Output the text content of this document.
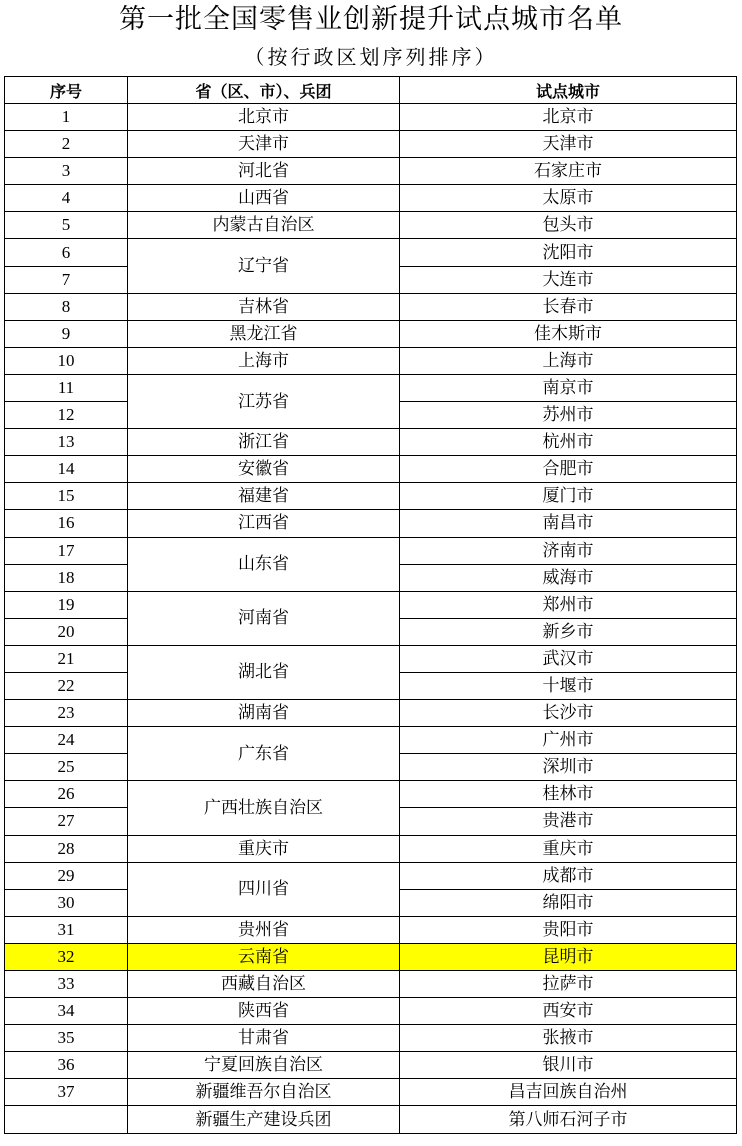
第一批全国零售业创新提升试点城市名单
（按行政区划序列排序）
序号	省（区、市）、兵团	试点城市
1	北京市	北京市
2	天津市	天津市
3	河北省	石家庄市
4	山西省	太原市
5	内蒙古自治区	包头市
6	辽宁省	沈阳市
7		大连市
8	吉林省	长春市
9	黑龙江省	佳木斯市
10	上海市	上海市
11	江苏省	南京市
12		苏州市
13	浙江省	杭州市
14	安徽省	合肥市
15	福建省	厦门市
16	江西省	南昌市
17	山东省	济南市
18		威海市
19	河南省	郑州市
20		新乡市
21	湖北省	武汉市
22		十堰市
23	湖南省	长沙市
24	广东省	广州市
25		深圳市
26	广西壮族自治区	桂林市
27		贵港市
28	重庆市	重庆市
29	四川省	成都市
30		绵阳市
31	贵州省	贵阳市
32	云南省	昆明市
33	西藏自治区	拉萨市
34	陕西省	西安市
35	甘肃省	张掖市
36	宁夏回族自治区	银川市
37	新疆维吾尔自治区	昌吉回族自治州
	新疆生产建设兵团	第八师石河子市
